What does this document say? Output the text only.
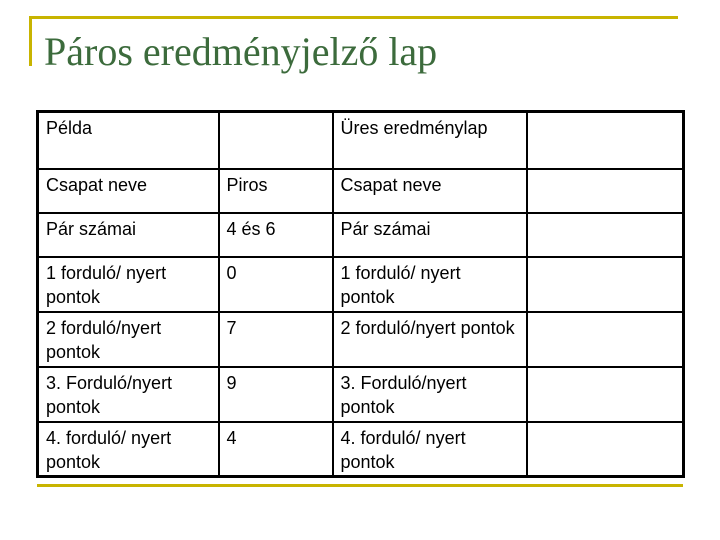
Páros eredményjelző lap
Példa		Üres eredménylap	
Csapat neve	Piros	Csapat neve	
Pár számai	4 és 6	Pár számai	
1 forduló/ nyert pontok	0	1 forduló/ nyert pontok	
2 forduló/nyert pontok	7	2 forduló/nyert pontok	
3. Forduló/nyert pontok	9	3. Forduló/nyert pontok	
4. forduló/ nyert pontok	4	4. forduló/ nyert pontok	
